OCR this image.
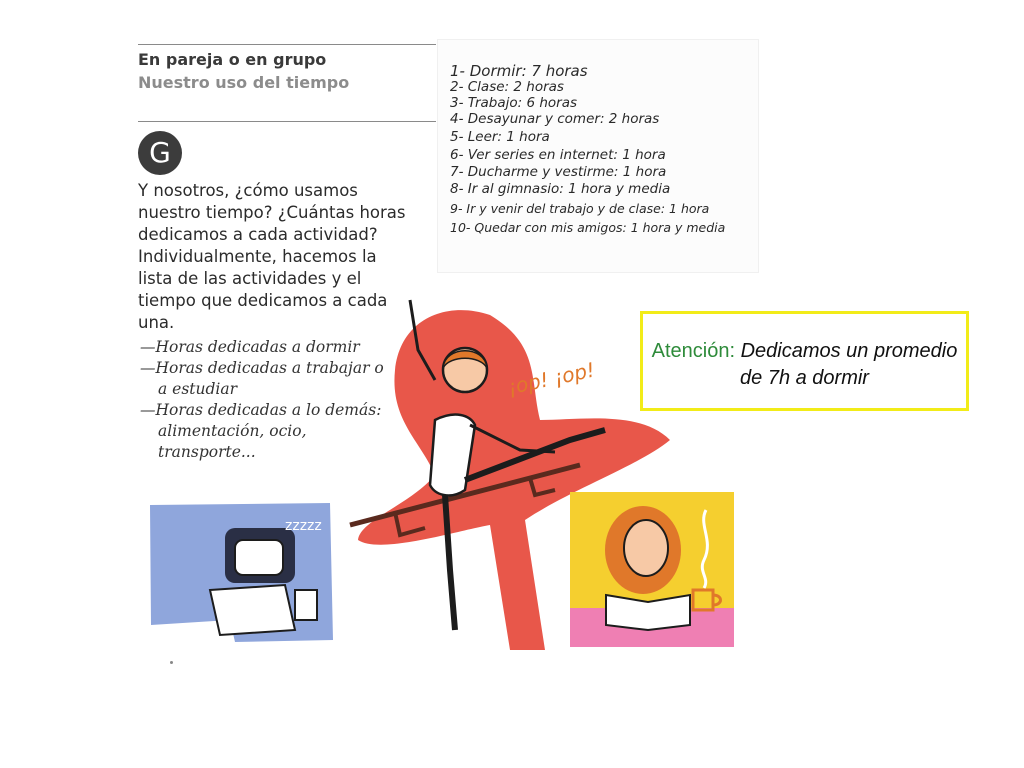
En pareja o en grupo
Nuestro uso del tiempo
G
Y nosotros, ¿cómo usamos nuestro tiempo? ¿Cuántas horas dedicamos a cada actividad? Individualmente, hacemos la lista de las actividades y el tiempo que dedicamos a cada una.
—Horas dedicadas a dormir
—Horas dedicadas a trabajar o a estudiar
—Horas dedicadas a lo demás: alimentación, ocio, transporte...
1- Dormir: 7 horas
2- Clase: 2 horas
3- Trabajo: 6 horas
4- Desayunar y comer: 2 horas
5- Leer: 1 hora
6- Ver series en internet: 1 hora
7- Ducharme y vestirme: 1 hora
8- Ir al gimnasio: 1 hora y media
9- Ir y venir del trabajo y de clase: 1 hora
10- Quedar con mis amigos: 1 hora y media
¡op! ¡op!
zzzzz
Atención: Dedicamos un promedio de 7h a dormir
